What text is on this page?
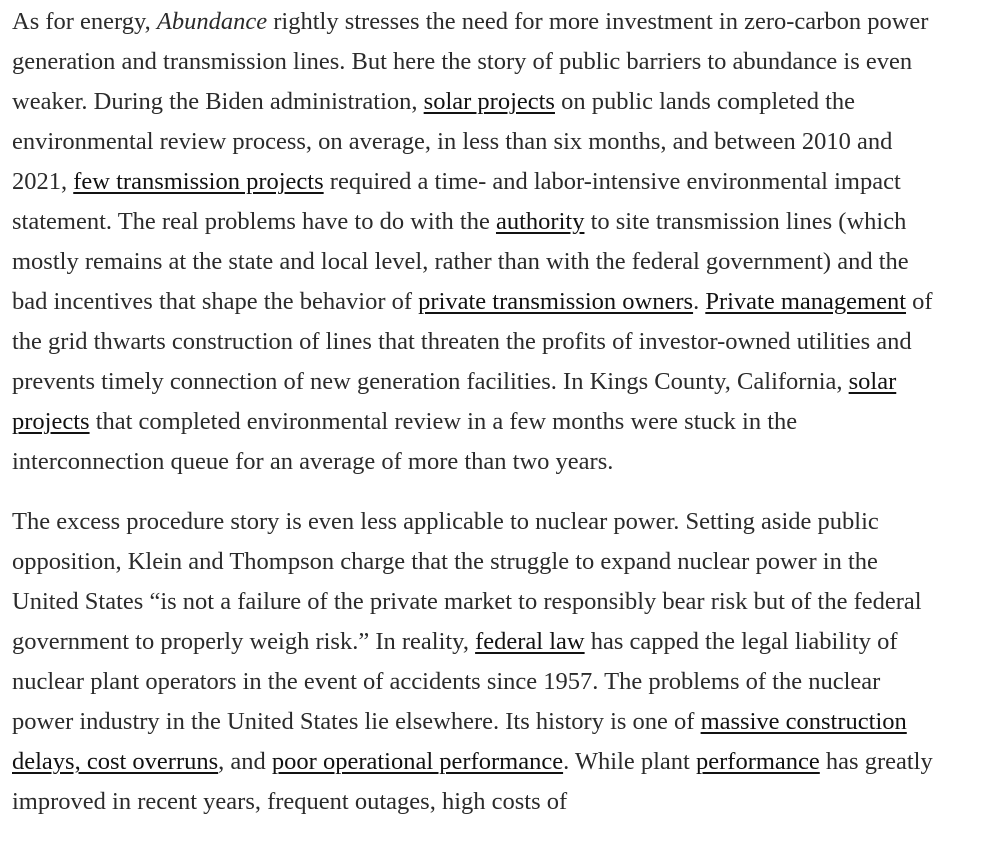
As for energy, Abundance rightly stresses the need for more investment in zero-carbon power generation and transmission lines. But here the story of public barriers to abundance is even weaker. During the Biden administration, solar projects on public lands completed the environmental review process, on average, in less than six months, and between 2010 and 2021, few transmission projects required a time- and labor-intensive environmental impact statement. The real problems have to do with the authority to site transmission lines (which mostly remains at the state and local level, rather than with the federal government) and the bad incentives that shape the behavior of private transmission owners. Private management of the grid thwarts construction of lines that threaten the profits of investor-owned utilities and prevents timely connection of new generation facilities. In Kings County, California, solar projects that completed environmental review in a few months were stuck in the interconnection queue for an average of more than two years.

The excess procedure story is even less applicable to nuclear power. Setting aside public opposition, Klein and Thompson charge that the struggle to expand nuclear power in the United States “is not a failure of the private market to responsibly bear risk but of the federal government to properly weigh risk.” In reality, federal law has capped the legal liability of nuclear plant operators in the event of accidents since 1957. The problems of the nuclear power industry in the United States lie elsewhere. Its history is one of massive construction delays, cost overruns, and poor operational performance. While plant performance has greatly improved in recent years, frequent outages, high costs of
